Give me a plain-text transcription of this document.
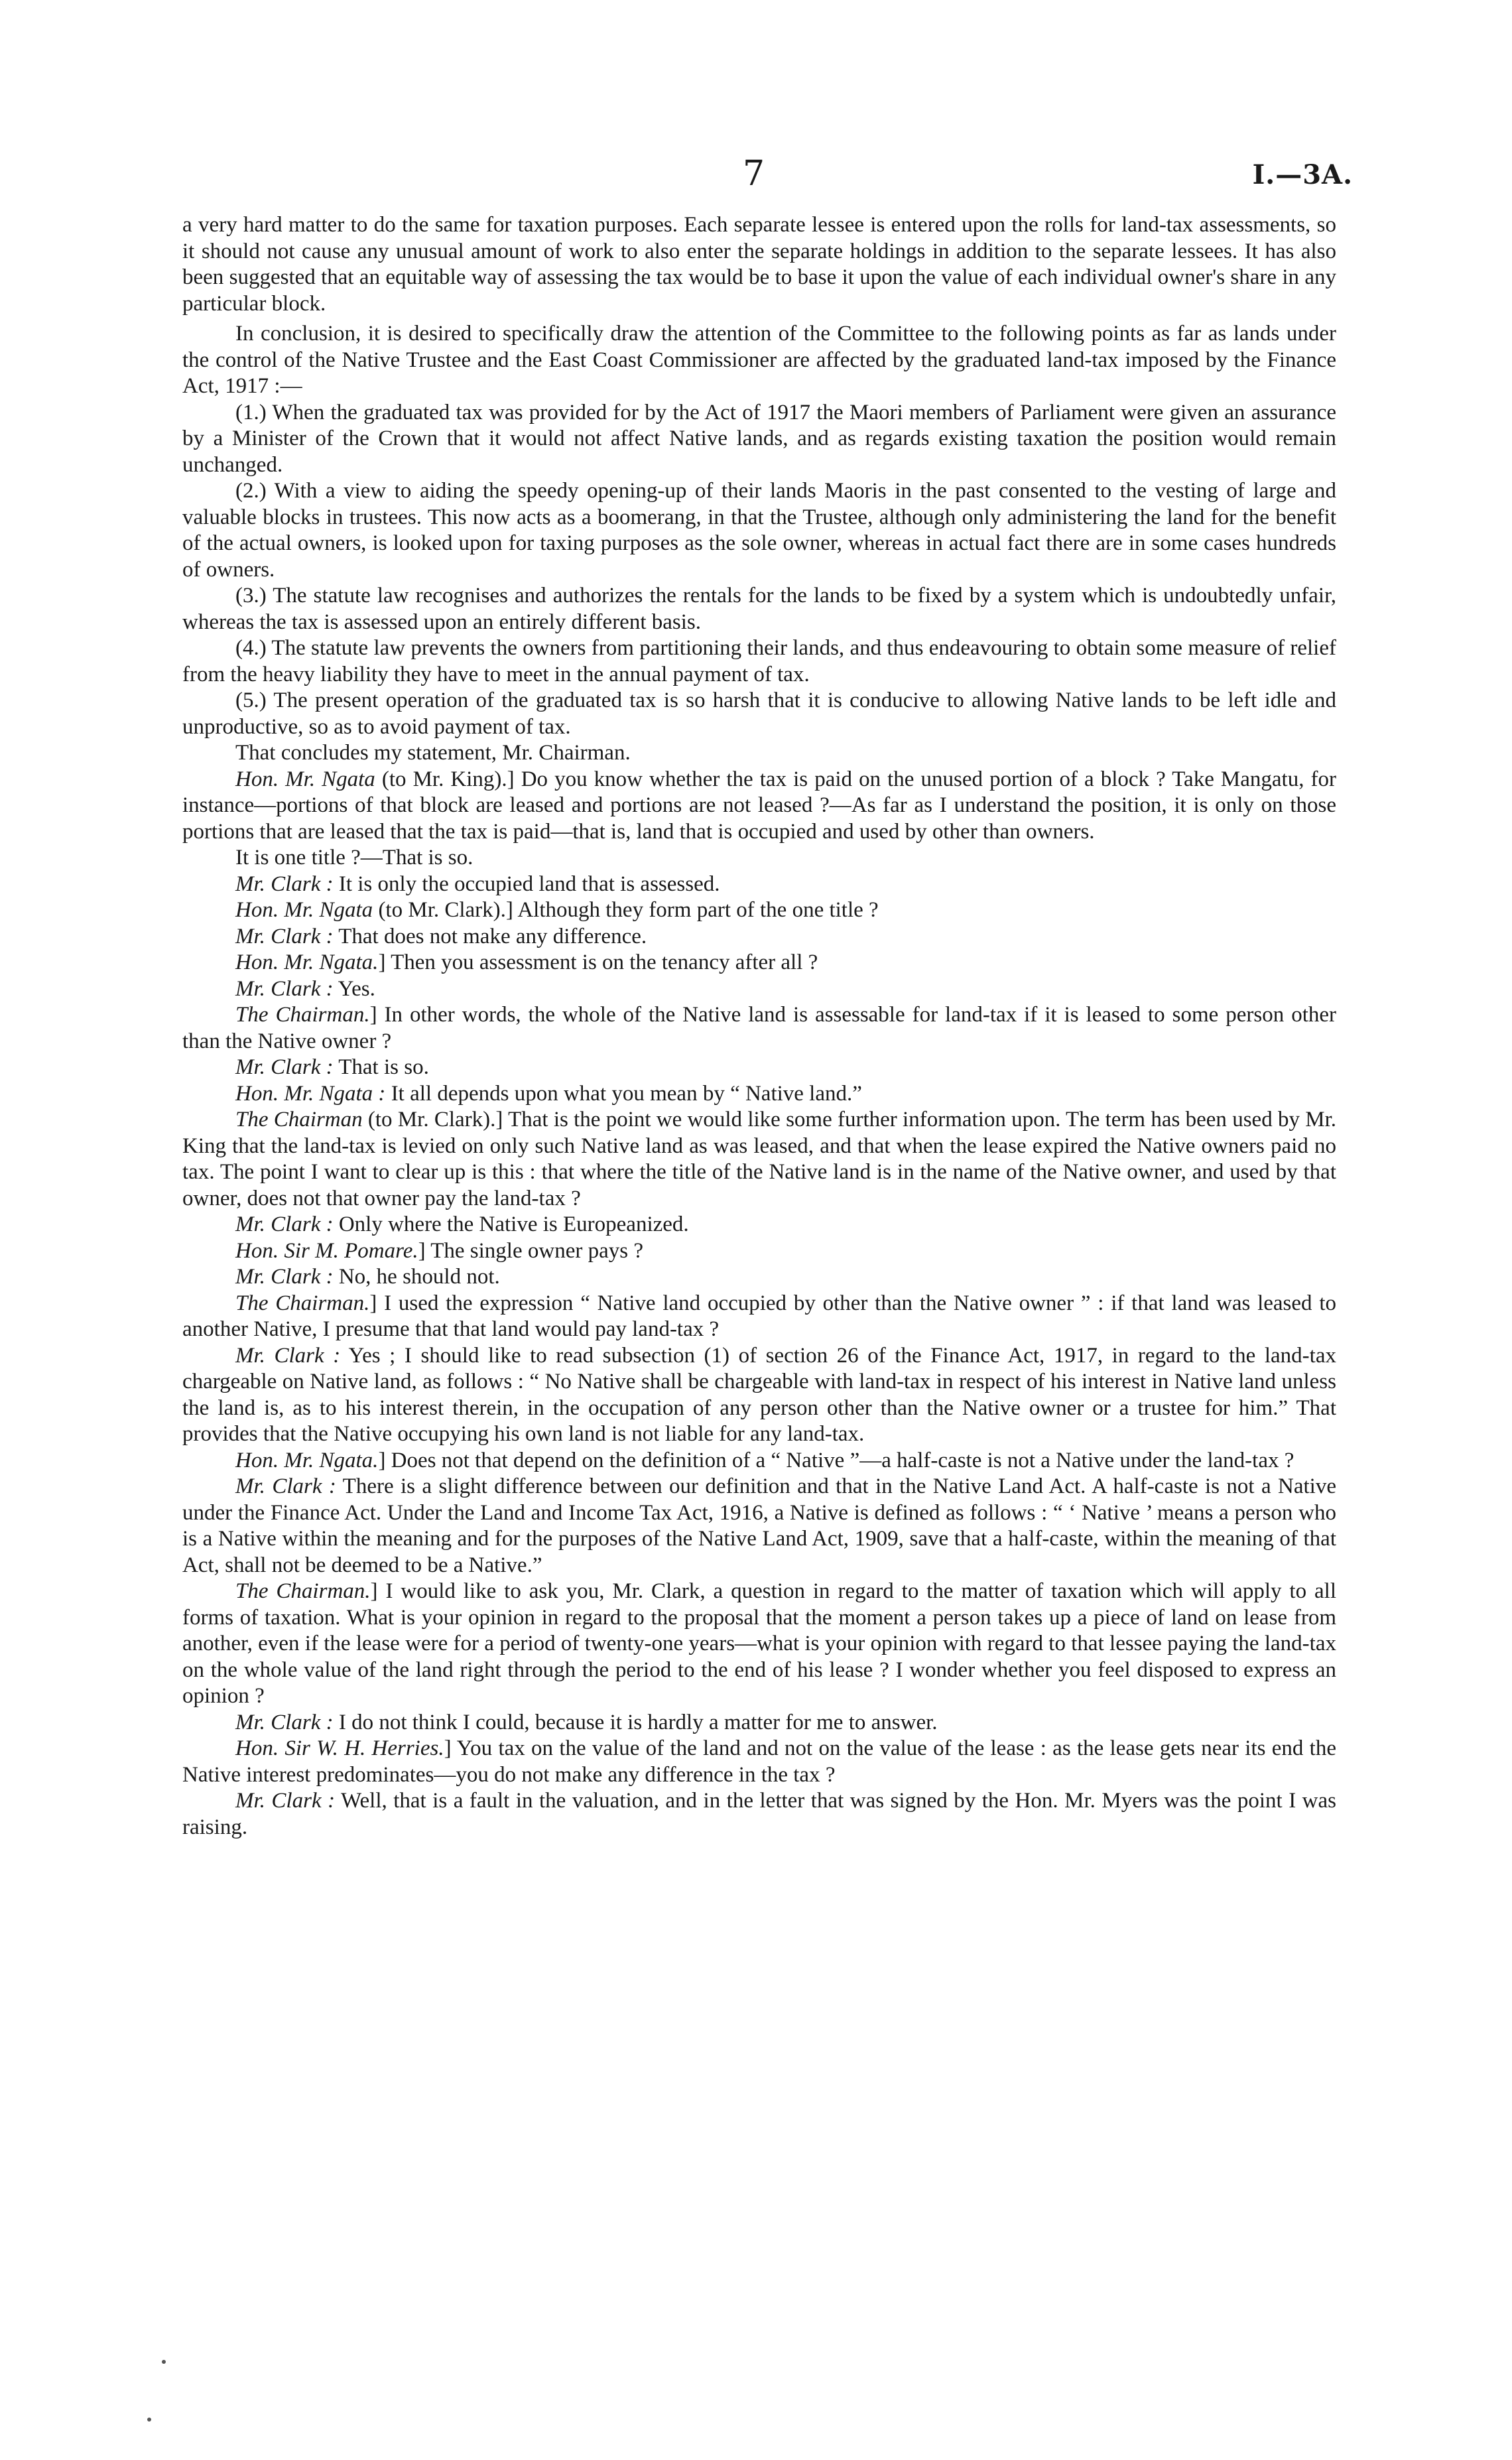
7	I.—3A.

a very hard matter to do the same for taxation purposes. Each separate lessee is entered upon the rolls for land-tax assessments, so it should not cause any unusual amount of work to also enter the separate holdings in addition to the separate lessees. It has also been suggested that an equitable way of assessing the tax would be to base it upon the value of each individual owner's share in any particular block.

In conclusion, it is desired to specifically draw the attention of the Committee to the following points as far as lands under the control of the Native Trustee and the East Coast Commissioner are affected by the graduated land-tax imposed by the Finance Act, 1917 :—

(1.) When the graduated tax was provided for by the Act of 1917 the Maori members of Parliament were given an assurance by a Minister of the Crown that it would not affect Native lands, and as regards existing taxation the position would remain unchanged.

(2.) With a view to aiding the speedy opening-up of their lands Maoris in the past consented to the vesting of large and valuable blocks in trustees. This now acts as a boomerang, in that the Trustee, although only administering the land for the benefit of the actual owners, is looked upon for taxing purposes as the sole owner, whereas in actual fact there are in some cases hundreds of owners.

(3.) The statute law recognises and authorizes the rentals for the lands to be fixed by a system which is undoubtedly unfair, whereas the tax is assessed upon an entirely different basis.

(4.) The statute law prevents the owners from partitioning their lands, and thus endeavouring to obtain some measure of relief from the heavy liability they have to meet in the annual payment of tax.

(5.) The present operation of the graduated tax is so harsh that it is conducive to allowing Native lands to be left idle and unproductive, so as to avoid payment of tax.

That concludes my statement, Mr. Chairman.

Hon. Mr. Ngata (to Mr. King).] Do you know whether the tax is paid on the unused portion of a block ? Take Mangatu, for instance—portions of that block are leased and portions are not leased ?—As far as I understand the position, it is only on those portions that are leased that the tax is paid—that is, land that is occupied and used by other than owners.

It is one title ?—That is so.

Mr. Clark : It is only the occupied land that is assessed.

Hon. Mr. Ngata (to Mr. Clark).] Although they form part of the one title ?

Mr. Clark : That does not make any difference.

Hon. Mr. Ngata.] Then you assessment is on the tenancy after all ?

Mr. Clark : Yes.

The Chairman.] In other words, the whole of the Native land is assessable for land-tax if it is leased to some person other than the Native owner ?

Mr. Clark : That is so.

Hon. Mr. Ngata : It all depends upon what you mean by “ Native land.”

The Chairman (to Mr. Clark).] That is the point we would like some further information upon. The term has been used by Mr. King that the land-tax is levied on only such Native land as was leased, and that when the lease expired the Native owners paid no tax. The point I want to clear up is this : that where the title of the Native land is in the name of the Native owner, and used by that owner, does not that owner pay the land-tax ?

Mr. Clark : Only where the Native is Europeanized.

Hon. Sir M. Pomare.] The single owner pays ?

Mr. Clark : No, he should not.

The Chairman.] I used the expression “ Native land occupied by other than the Native owner ” : if that land was leased to another Native, I presume that that land would pay land-tax ?

Mr. Clark : Yes ; I should like to read subsection (1) of section 26 of the Finance Act, 1917, in regard to the land-tax chargeable on Native land, as follows : “ No Native shall be chargeable with land-tax in respect of his interest in Native land unless the land is, as to his interest therein, in the occupation of any person other than the Native owner or a trustee for him.” That provides that the Native occupying his own land is not liable for any land-tax.

Hon. Mr. Ngata.] Does not that depend on the definition of a “ Native ”—a half-caste is not a Native under the land-tax ?

Mr. Clark : There is a slight difference between our definition and that in the Native Land Act. A half-caste is not a Native under the Finance Act. Under the Land and Income Tax Act, 1916, a Native is defined as follows : “ ‘ Native ’ means a person who is a Native within the meaning and for the purposes of the Native Land Act, 1909, save that a half-caste, within the meaning of that Act, shall not be deemed to be a Native.”

The Chairman.] I would like to ask you, Mr. Clark, a question in regard to the matter of taxation which will apply to all forms of taxation. What is your opinion in regard to the proposal that the moment a person takes up a piece of land on lease from another, even if the lease were for a period of twenty-one years—what is your opinion with regard to that lessee paying the land-tax on the whole value of the land right through the period to the end of his lease ? I wonder whether you feel disposed to express an opinion ?

Mr. Clark : I do not think I could, because it is hardly a matter for me to answer.

Hon. Sir W. H. Herries.] You tax on the value of the land and not on the value of the lease : as the lease gets near its end the Native interest predominates—you do not make any difference in the tax ?

Mr. Clark : Well, that is a fault in the valuation, and in the letter that was signed by the Hon. Mr. Myers was the point I was raising.
